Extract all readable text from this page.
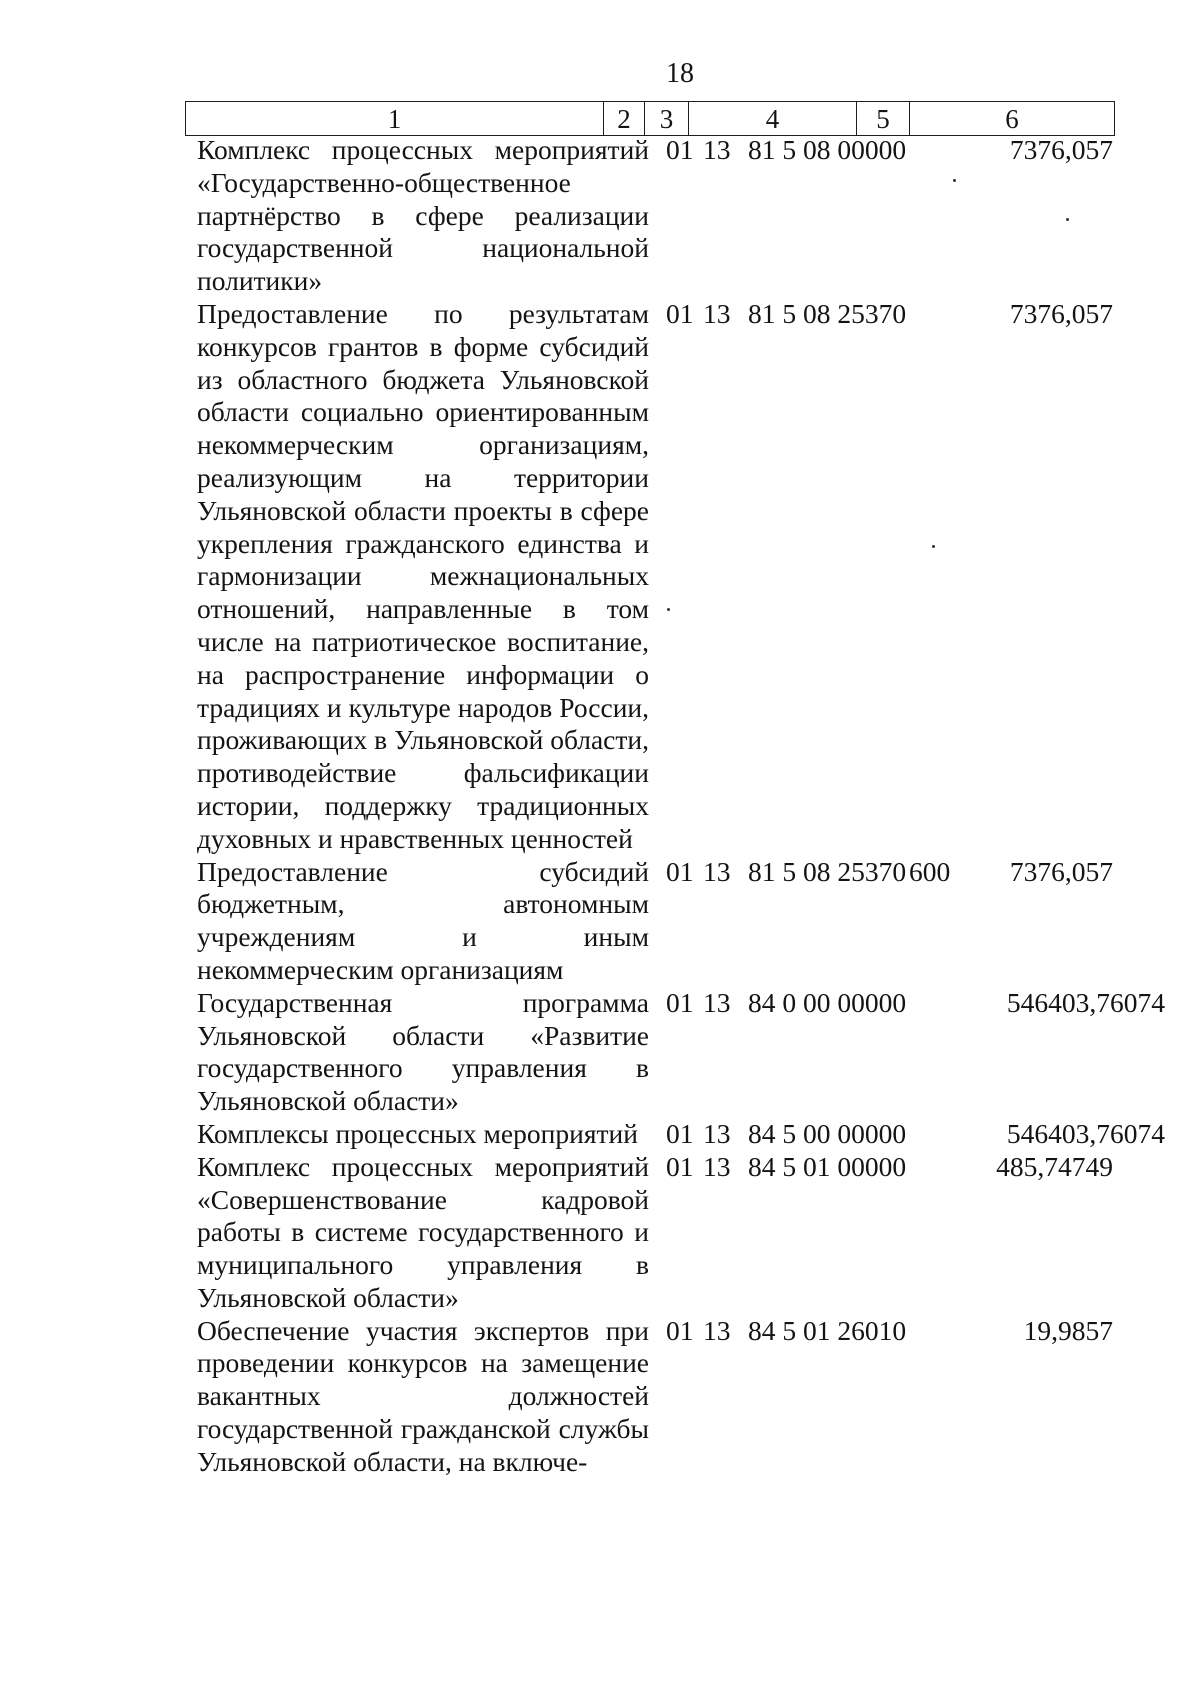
18
1	2	3	4	5	6
Комплекс процессных мероприятий «Государственно-общественное партнёрство в сфере реализации государственной национальной политики»	01	13	81 5 08 00000		7376,057
Предоставление по результатам конкурсов грантов в форме субсидий из областного бюджета Ульяновской области социально ориентированным некоммерческим организациям, реализующим на территории Ульяновской области проекты в сфере укрепления гражданского единства и гармонизации межнациональных отношений, направленные в том числе на патриотическое воспитание, на распространение информации о традициях и культуре народов России, проживающих в Ульяновской области, противодействие фальсификации истории, поддержку традиционных духовных и нравственных ценностей	01	13	81 5 08 25370		7376,057
Предоставление субсидий бюджетным, автономным учреждениям и иным некоммерческим организациям	01	13	81 5 08 25370	600	7376,057
Государственная программа Ульяновской области «Развитие государственного управления в Ульяновской области»	01	13	84 0 00 00000		546403,76074
Комплексы процессных мероприятий	01	13	84 5 00 00000		546403,76074
Комплекс процессных мероприятий «Совершенствование кадровой работы в системе государственного и муниципального управления в Ульяновской области»	01	13	84 5 01 00000		485,74749
Обеспечение участия экспертов при проведении конкурсов на замещение вакантных должностей государственной гражданской службы Ульяновской области, на включе-	01	13	84 5 01 26010		19,9857
